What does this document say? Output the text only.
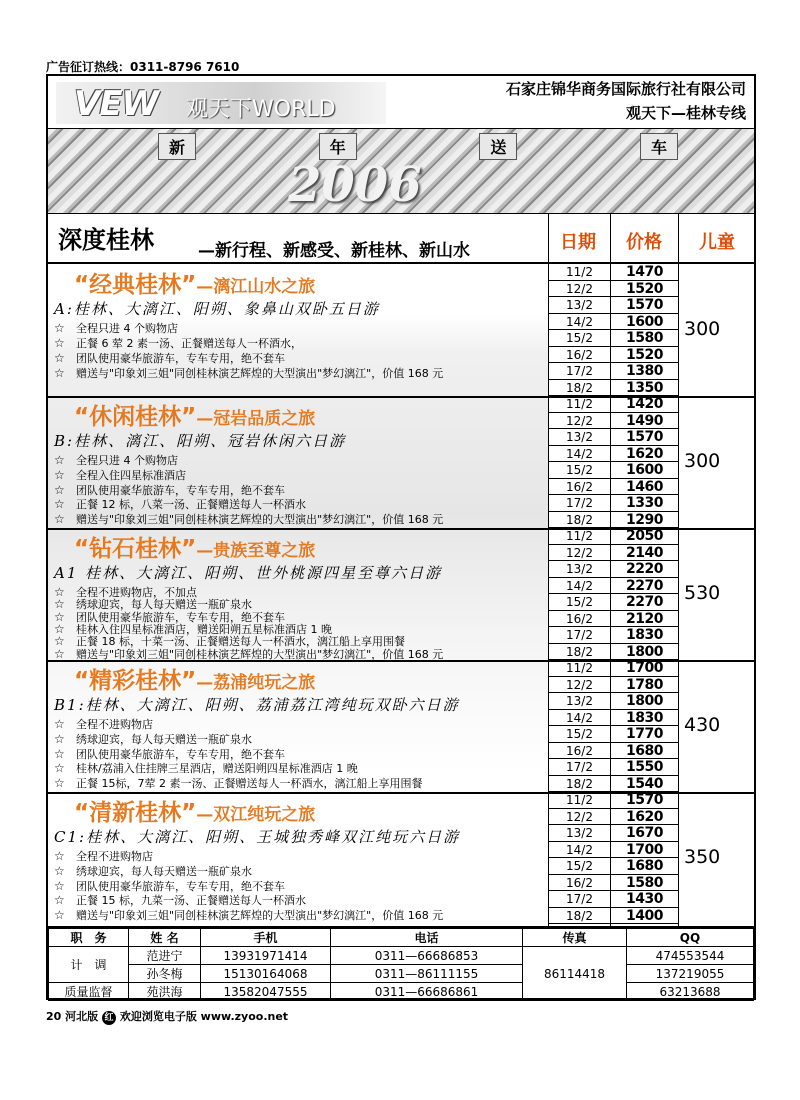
广告征订热线：0311-8796 7610
VEW 观天下WORLD
石家庄锦华商务国际旅行社有限公司
观天下—桂林专线
新	年	送	车
2006
深度桂林	—新行程、新感受、新桂林、新山水	日期	价格	儿童
“经典桂林”—漓江山水之旅
A:桂林、大漓江、阳朔、象鼻山双卧五日游
☆ 全程只进 4 个购物店
☆ 正餐 6 荤 2 素一汤、正餐赠送每人一杯酒水，
☆ 团队使用豪华旅游车，专车专用，绝不套车
☆ 赠送与"印象刘三姐"同创桂林演艺辉煌的大型演出"梦幻漓江"，价值 168 元
11/2	1470
12/2	1520
13/2	1570
14/2	1600
15/2	1580
16/2	1520
17/2	1380
18/2	1350
300
“休闲桂林”—冠岩品质之旅
B:桂林、漓江、阳朔、冠岩休闲六日游
☆ 全程只进 4 个购物店
☆ 全程入住四星标准酒店
☆ 团队使用豪华旅游车，专车专用，绝不套车
☆ 正餐 12 标，八菜一汤、正餐赠送每人一杯酒水
☆ 赠送与"印象刘三姐"同创桂林演艺辉煌的大型演出"梦幻漓江"，价值 168 元
11/2	1420
12/2	1490
13/2	1570
14/2	1620
15/2	1600
16/2	1460
17/2	1330
18/2	1290
300
“钻石桂林”—贵族至尊之旅
A1 桂林、大漓江、阳朔、世外桃源四星至尊六日游
☆ 全程不进购物店，不加点
☆ 绣球迎宾，每人每天赠送一瓶矿泉水
☆ 团队使用豪华旅游车，专车专用，绝不套车
☆ 桂林入住四星标准酒店，赠送阳朔五星标准酒店 1 晚
☆ 正餐 18 标，十菜一汤、正餐赠送每人一杯酒水，漓江船上享用围餐
☆ 赠送与"印象刘三姐"同创桂林演艺辉煌的大型演出"梦幻漓江"，价值 168 元
11/2	2050
12/2	2140
13/2	2220
14/2	2270
15/2	2270
16/2	2120
17/2	1830
18/2	1800
530
“精彩桂林”—荔浦纯玩之旅
B1:桂林、大漓江、阳朔、荔浦荔江湾纯玩双卧六日游
☆ 全程不进购物店
☆ 绣球迎宾，每人每天赠送一瓶矿泉水
☆ 团队使用豪华旅游车，专车专用，绝不套车
☆ 桂林/荔浦入住挂牌三星酒店，赠送阳朔四星标准酒店 1 晚
☆ 正餐 15标，7荤 2 素一汤、正餐赠送每人一杯酒水，漓江船上享用围餐
11/2	1700
12/2	1780
13/2	1800
14/2	1830
15/2	1770
16/2	1680
17/2	1550
18/2	1540
430
“清新桂林”—双江纯玩之旅
C1:桂林、大漓江、阳朔、王城独秀峰双江纯玩六日游
☆ 全程不进购物店
☆ 绣球迎宾，每人每天赠送一瓶矿泉水
☆ 团队使用豪华旅游车，专车专用，绝不套车
☆ 正餐 15 标，九菜一汤、正餐赠送每人一杯酒水
☆ 赠送与"印象刘三姐"同创桂林演艺辉煌的大型演出"梦幻漓江"，价值 168 元
11/2	1570
12/2	1620
13/2	1670
14/2	1700
15/2	1680
16/2	1580
17/2	1430
18/2	1400
350
职　务	姓 名	手机	电话	传真	QQ
计　调	范进宁	13931971414	0311—66686853	86114418	474553544
	孙冬梅	15130164068	0311—86111155		137219055
质量监督	苑洪海	13582047555	0311—66686861		63213688
20 河北版 红 欢迎浏览电子版 www.zyoo.net
